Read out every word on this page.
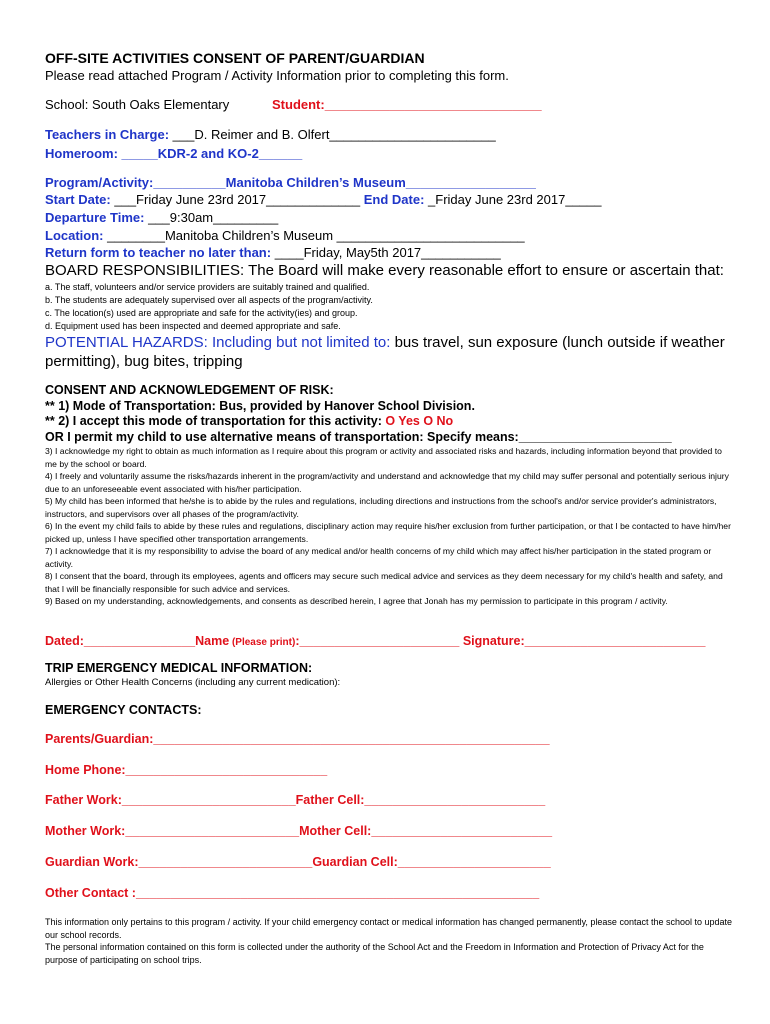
OFF-SITE ACTIVITIES CONSENT OF PARENT/GUARDIAN
Please read attached Program / Activity Information prior to completing this form.
School: South Oaks Elementary	Student:______________________________
Teachers in Charge: ___D. Reimer and B. Olfert_______________________
Homeroom: _____KDR-2 and KO-2______
Program/Activity:__________Manitoba Children’s Museum__________________
Start Date: ___Friday June 23rd 2017_____________ End Date: _Friday June 23rd 2017_____
Departure Time: ___9:30am_________
Location: ________Manitoba Children’s Museum __________________________
Return form to teacher no later than: ____Friday, May5th 2017___________
BOARD RESPONSIBILITIES: The Board will make every reasonable effort to ensure or ascertain that:
a. The staff, volunteers and/or service providers are suitably trained and qualified.
b. The students are adequately supervised over all aspects of the program/activity.
c. The location(s) used are appropriate and safe for the activity(ies) and group.
d. Equipment used has been inspected and deemed appropriate and safe.
POTENTIAL HAZARDS: Including but not limited to: bus travel, sun exposure (lunch outside if weather
permitting), bug bites, tripping
CONSENT AND ACKNOWLEDGEMENT OF RISK:
** 1) Mode of Transportation: Bus, provided by Hanover School Division.
** 2) I accept this mode of transportation for this activity: O Yes O No
OR I permit my child to use alternative means of transportation: Specify means:______________________
3) I acknowledge my right to obtain as much information as I require about this program or activity and associated risks and hazards, including information beyond that provided to me by the school or board.
4) I freely and voluntarily assume the risks/hazards inherent in the program/activity and understand and acknowledge that my child may suffer personal and potentially serious injury due to an unforeseeable event associated with his/her participation.
5) My child has been informed that he/she is to abide by the rules and regulations, including directions and instructions from the school's and/or service provider's administrators, instructors, and supervisors over all phases of the program/activity.
6) In the event my child fails to abide by these rules and regulations, disciplinary action may require his/her exclusion from further participation, or that I be contacted to have him/her picked up, unless I have specified other transportation arrangements.
7) I acknowledge that it is my responsibility to advise the board of any medical and/or health concerns of my child which may affect his/her participation in the stated program or activity.
8) I consent that the board, through its employees, agents and officers may secure such medical advice and services as they deem necessary for my child's health and safety, and that I will be financially responsible for such advice and services.
9) Based on my understanding, acknowledgements, and consents as described herein, I agree that Jonah has my permission to participate in this program / activity.
Dated:________________Name (Please print):_______________________ Signature:__________________________
TRIP EMERGENCY MEDICAL INFORMATION:
Allergies or Other Health Concerns (including any current medication):
EMERGENCY CONTACTS:
Parents/Guardian:_________________________________________________________
Home Phone:_____________________________
Father Work:_________________________Father Cell:__________________________
Mother Work:_________________________Mother Cell:__________________________
Guardian Work:_________________________Guardian Cell:______________________
Other Contact :__________________________________________________________
This information only pertains to this program / activity. If your child emergency contact or medical information has changed permanently, please contact the school to update our school records.
The personal information contained on this form is collected under the authority of the School Act and the Freedom in Information and Protection of Privacy Act for the purpose of participating on school trips.
